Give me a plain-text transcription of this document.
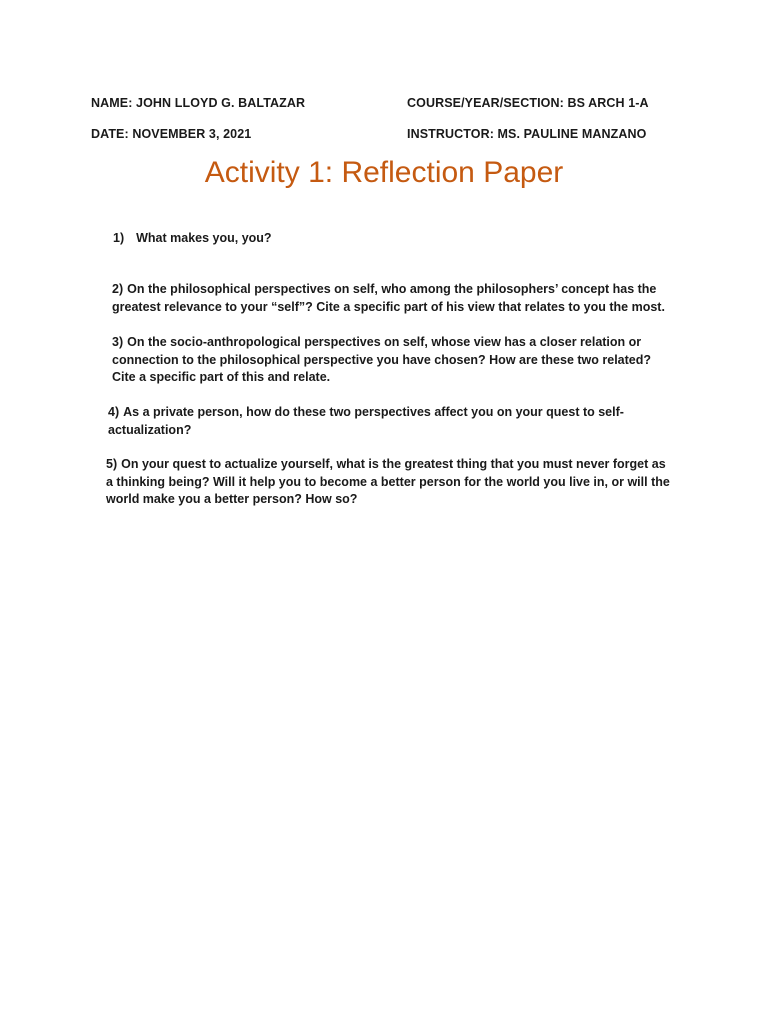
NAME: JOHN LLOYD G. BALTAZAR	COURSE/YEAR/SECTION: BS ARCH 1-A
DATE: NOVEMBER 3, 2021	INSTRUCTOR: MS. PAULINE MANZANO
Activity 1: Reflection Paper
1) What makes you, you?
2) On the philosophical perspectives on self, who among the philosophers’ concept has the greatest relevance to your “self”? Cite a specific part of his view that relates to you the most.
3) On the socio-anthropological perspectives on self, whose view has a closer relation or connection to the philosophical perspective you have chosen? How are these two related? Cite a specific part of this and relate.
4) As a private person, how do these two perspectives affect you on your quest to self-actualization?
5) On your quest to actualize yourself, what is the greatest thing that you must never forget as a thinking being? Will it help you to become a better person for the world you live in, or will the world make you a better person? How so?
